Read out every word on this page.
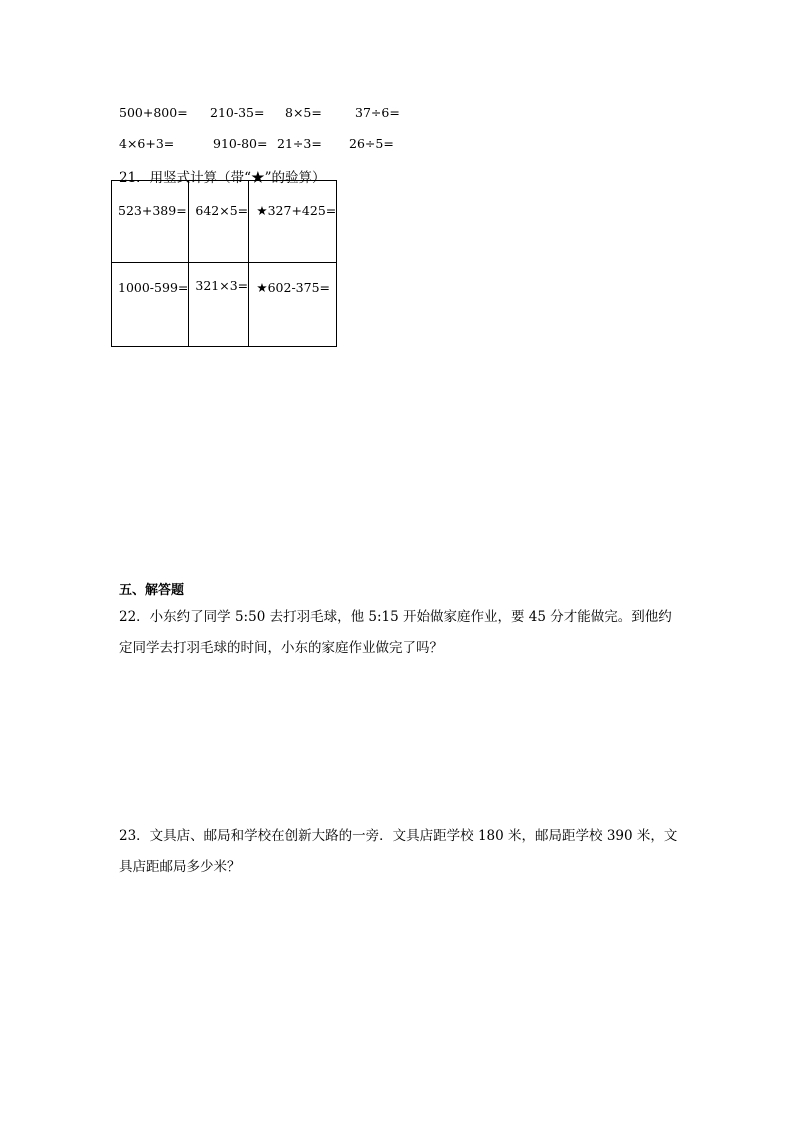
500+800= 210-35= 8×5=	37÷6=
4×6+3=	910-80= 21÷3= 26÷5=
21．用竖式计算（带“★”的验算）
523+389=	642×5=	★327+425=

1000-599=	321×3=	★602-375=
五、解答题
22．小东约了同学 5:50 去打羽毛球，他 5:15 开始做家庭作业，要 45 分才能做完。到他约
定同学去打羽毛球的时间，小东的家庭作业做完了吗？
23．文具店、邮局和学校在创新大路的一旁．文具店距学校 180 米，邮局距学校 390 米，文
具店距邮局多少米？
